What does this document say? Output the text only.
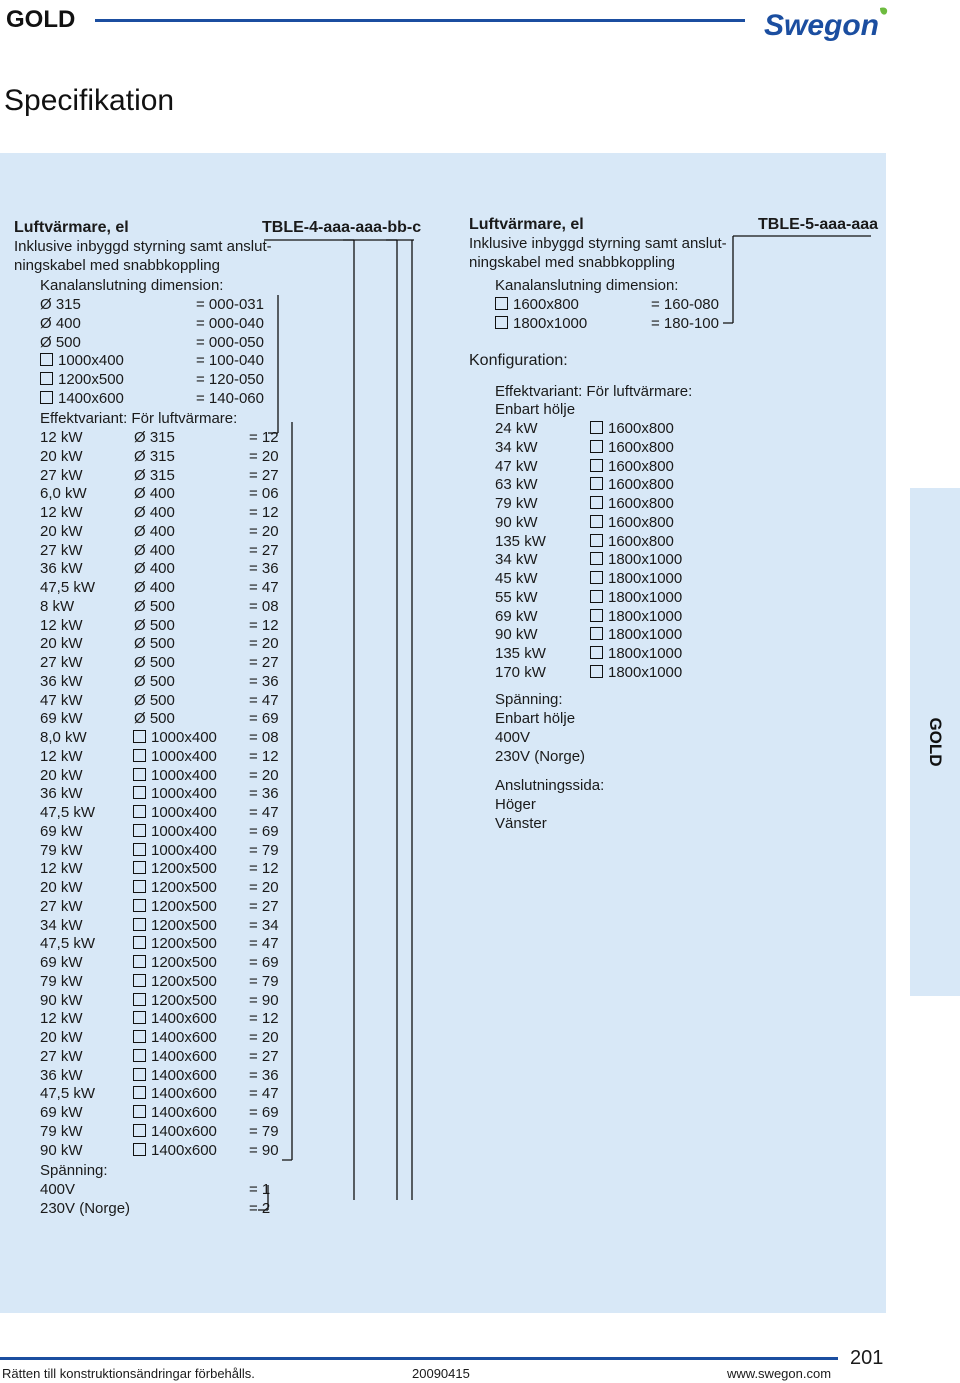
GOLD	Swegon
Specifikation
GOLD
Luftvärmare, el	TBLE-4-aaa-aaa-bb-c
Inklusive inbyggd styrning samt anslut-
ningskabel med snabbkoppling
Kanalanslutning dimension:
Ø 315	= 000-031
Ø 400	= 000-040
Ø 500	= 000-050
1000x400	= 100-040
1200x500	= 120-050
1400x600	= 140-060
Effektvariant: För luftvärmare:
12 kW	Ø 315	= 12
20 kW	Ø 315	= 20
27 kW	Ø 315	= 27
6,0 kW	Ø 400	= 06
12 kW	Ø 400	= 12
20 kW	Ø 400	= 20
27 kW	Ø 400	= 27
36 kW	Ø 400	= 36
47,5 kW	Ø 400	= 47
8 kW	Ø 500	= 08
12 kW	Ø 500	= 12
20 kW	Ø 500	= 20
27 kW	Ø 500	= 27
36 kW	Ø 500	= 36
47 kW	Ø 500	= 47
69 kW	Ø 500	= 69
8,0 kW	1000x400 = 08
12 kW	1000x400 = 12
20 kW	1000x400 = 20
36 kW	1000x400 = 36
47,5 kW	1000x400 = 47
69 kW	1000x400 = 69
79 kW	1000x400 = 79
12 kW	1200x500 = 12
20 kW	1200x500 = 20
27 kW	1200x500 = 27
34 kW	1200x500 = 34
47,5 kW	1200x500 = 47
69 kW	1200x500 = 69
79 kW	1200x500 = 79
90 kW	1200x500 = 90
12 kW	1400x600 = 12
20 kW	1400x600 = 20
27 kW	1400x600 = 27
36 kW	1400x600 = 36
47,5 kW	1400x600 = 47
69 kW	1400x600 = 69
79 kW	1400x600 = 79
90 kW	1400x600 = 90
Spänning:
400V	= 1
230V (Norge)	= 2
Luftvärmare, el	TBLE-5-aaa-aaa
Inklusive inbyggd styrning samt anslut-
ningskabel med snabbkoppling
Kanalanslutning dimension:
1600x800	= 160-080
1800x1000	= 180-100
Konfiguration:
Effektvariant: För luftvärmare:
Enbart hölje
24 kW	1600x800
34 kW	1600x800
47 kW	1600x800
63 kW	1600x800
79 kW	1600x800
90 kW	1600x800
135 kW	1600x800
34 kW	1800x1000
45 kW	1800x1000
55 kW	1800x1000
69 kW	1800x1000
90 kW	1800x1000
135 kW	1800x1000
170 kW	1800x1000
Spänning:
Enbart hölje
400V
230V (Norge)
Anslutningssida:
Höger
Vänster
201
Rätten till konstruktionsändringar förbehålls.	20090415	www.swegon.com
